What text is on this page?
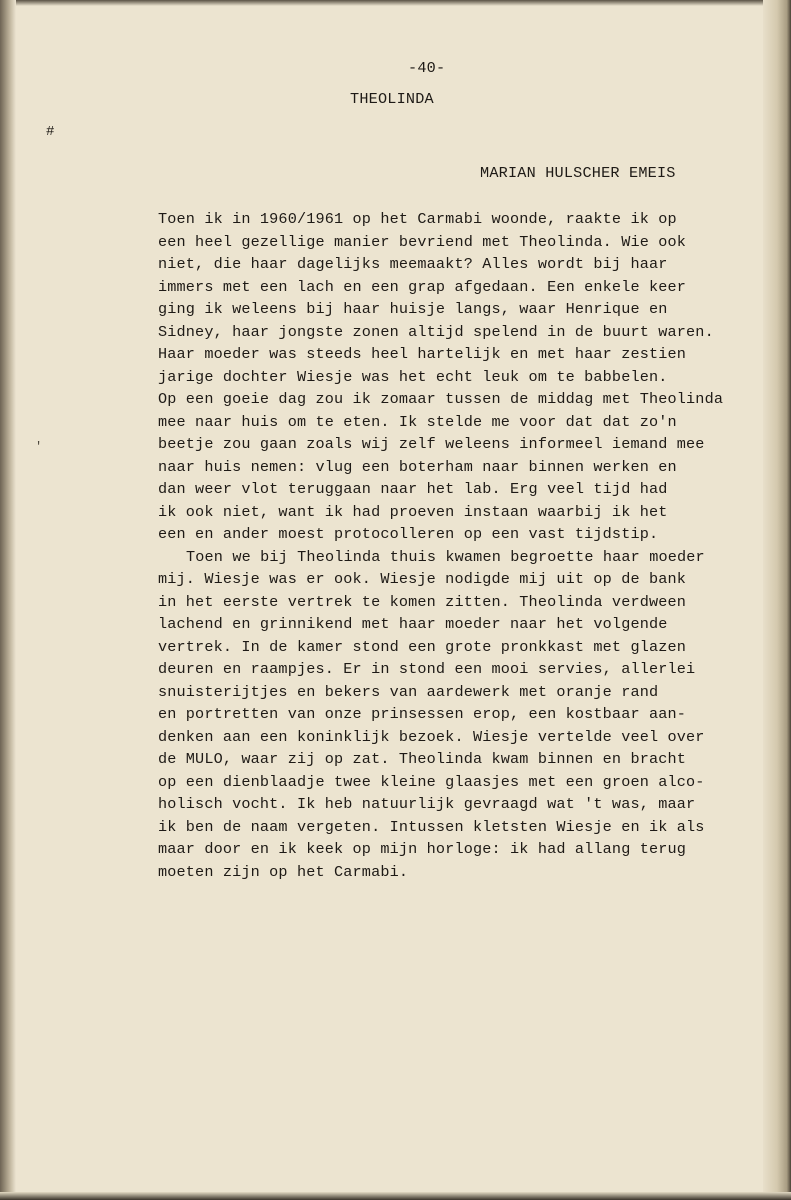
-40-
THEOLINDA
#
MARIAN HULSCHER EMEIS
Toen ik in 1960/1961 op het Carmabi woonde, raakte ik op
een heel gezellige manier bevriend met Theolinda. Wie ook
niet, die haar dagelijks meemaakt? Alles wordt bij haar
immers met een lach en een grap afgedaan. Een enkele keer
ging ik weleens bij haar huisje langs, waar Henrique en
Sidney, haar jongste zonen altijd spelend in de buurt waren.
Haar moeder was steeds heel hartelijk en met haar zestien
jarige dochter Wiesje was het echt leuk om te babbelen.
Op een goeie dag zou ik zomaar tussen de middag met Theolinda
mee naar huis om te eten. Ik stelde me voor dat dat zo'n
beetje zou gaan zoals wij zelf weleens informeel iemand mee
naar huis nemen: vlug een boterham naar binnen werken en
dan weer vlot teruggaan naar het lab. Erg veel tijd had
ik ook niet, want ik had proeven instaan waarbij ik het
een en ander moest protocolleren op een vast tijdstip.
Toen we bij Theolinda thuis kwamen begroette haar moeder
mij. Wiesje was er ook. Wiesje nodigde mij uit op de bank
in het eerste vertrek te komen zitten. Theolinda verdween
lachend en grinnikend met haar moeder naar het volgende
vertrek. In de kamer stond een grote pronkkast met glazen
deuren en raampjes. Er in stond een mooi servies, allerlei
snuisterijtjes en bekers van aardewerk met oranje rand
en portretten van onze prinsessen erop, een kostbaar aan-
denken aan een koninklijk bezoek. Wiesje vertelde veel over
de MULO, waar zij op zat. Theolinda kwam binnen en bracht
op een dienblaadje twee kleine glaasjes met een groen alco-
holisch vocht. Ik heb natuurlijk gevraagd wat 't was, maar
ik ben de naam vergeten. Intussen kletsten Wiesje en ik als
maar door en ik keek op mijn horloge: ik had allang terug
moeten zijn op het Carmabi.
'
